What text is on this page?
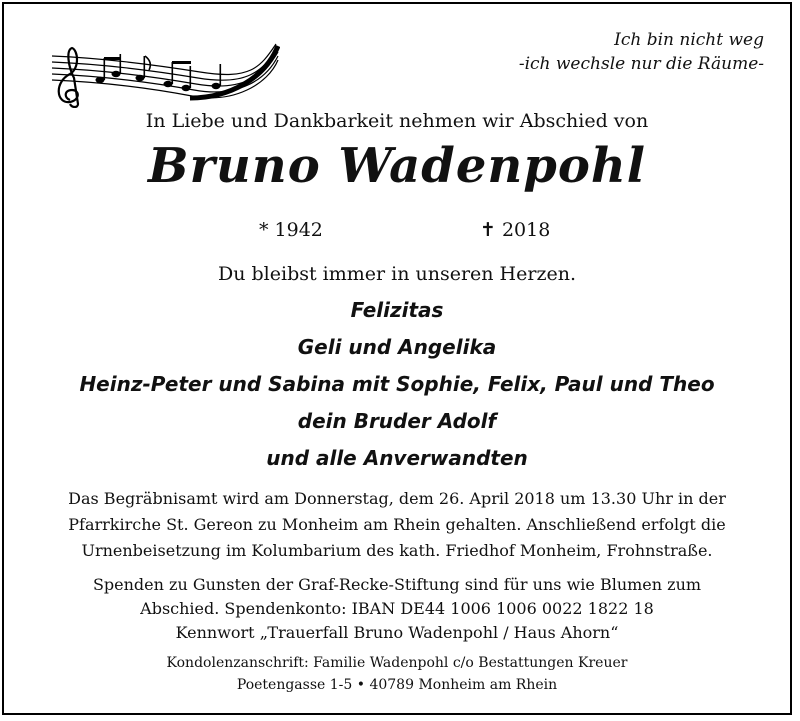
Ich bin nicht weg
-ich wechsle nur die Räume-
In Liebe und Dankbarkeit nehmen wir Abschied von
Bruno Wadenpohl
* 1942	✝ 2018
Du bleibst immer in unseren Herzen.
Felizitas
Geli und Angelika
Heinz-Peter und Sabina mit Sophie, Felix, Paul und Theo
dein Bruder Adolf
und alle Anverwandten
Das Begräbnisamt wird am Donnerstag, dem 26. April 2018 um 13.30 Uhr in der
Pfarrkirche St. Gereon zu Monheim am Rhein gehalten. Anschließend erfolgt die
Urnenbeisetzung im Kolumbarium des kath. Friedhof Monheim, Frohnstraße.
Spenden zu Gunsten der Graf-Recke-Stiftung sind für uns wie Blumen zum
Abschied. Spendenkonto: IBAN DE44 1006 1006 0022 1822 18
Kennwort „Trauerfall Bruno Wadenpohl / Haus Ahorn“
Kondolenzanschrift: Familie Wadenpohl c/o Bestattungen Kreuer
Poetengasse 1-5 • 40789 Monheim am Rhein
